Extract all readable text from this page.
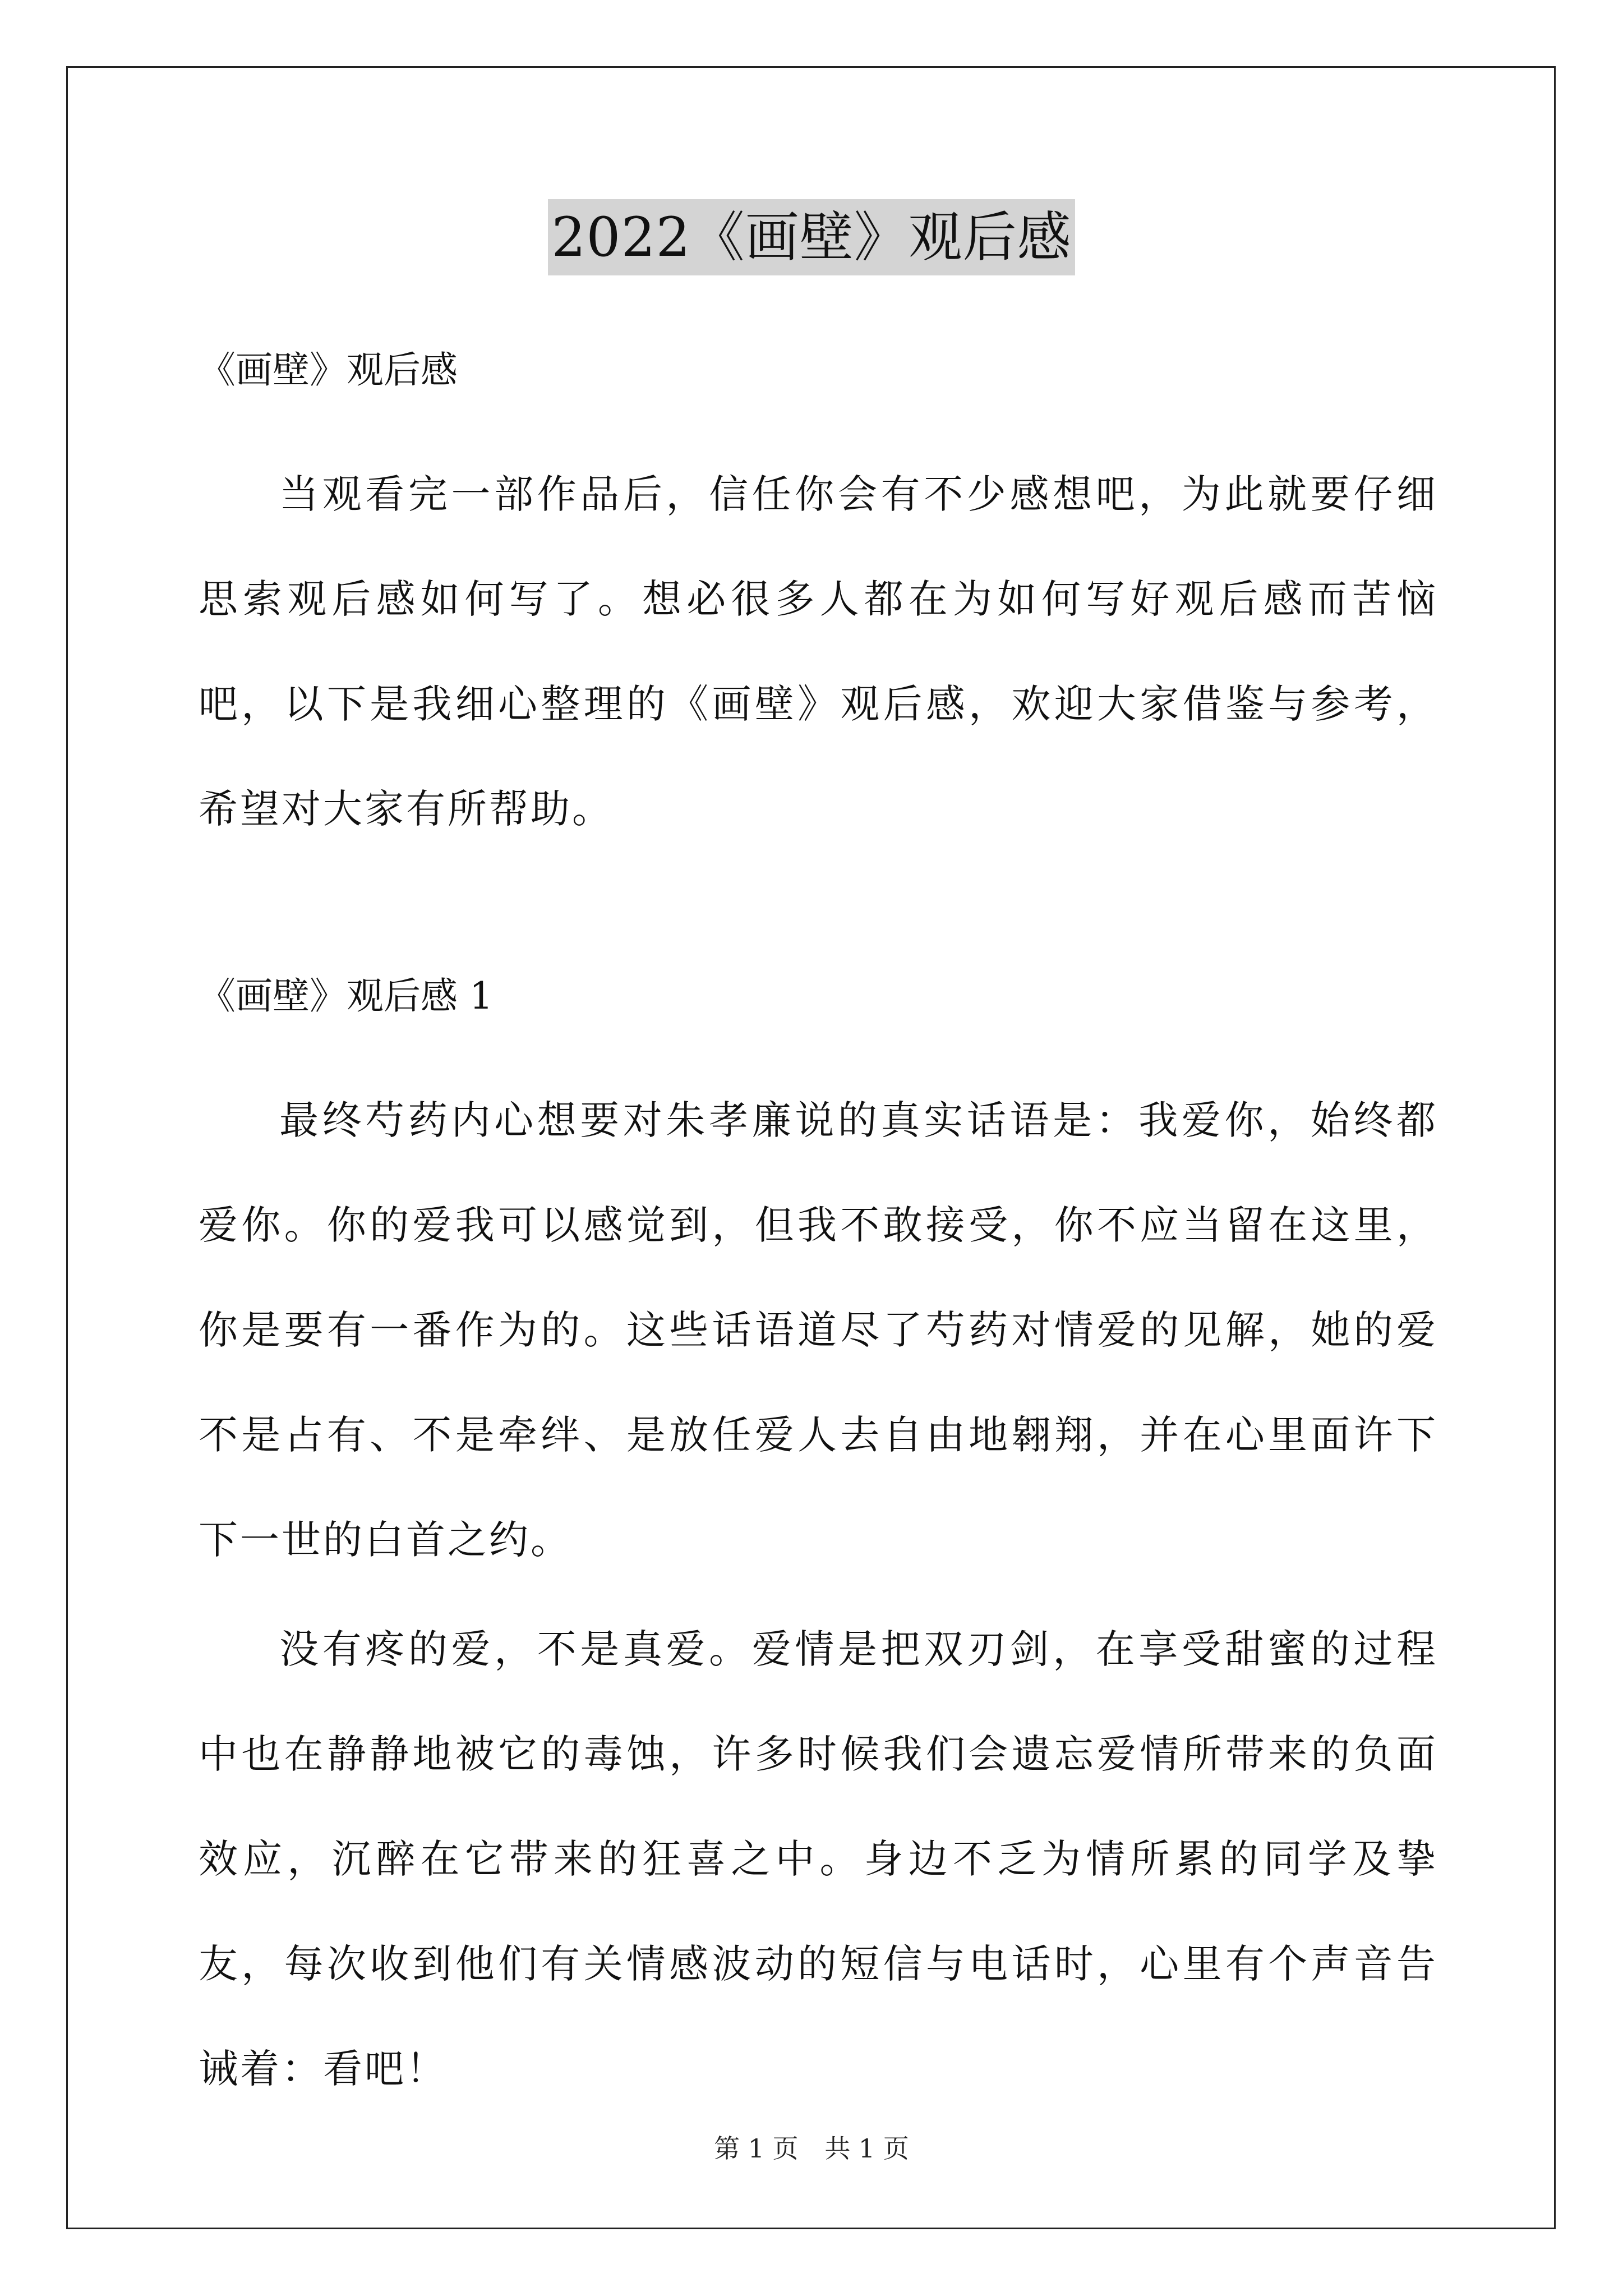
2022《画壁》观后感

《画壁》观后感

当观看完一部作品后，信任你会有不少感想吧，为此就要仔细思索观后感如何写了。想必很多人都在为如何写好观后感而苦恼吧，以下是我细心整理的《画壁》观后感，欢迎大家借鉴与参考，希望对大家有所帮助。

《画壁》观后感 1

最终芍药内心想要对朱孝廉说的真实话语是：我爱你，始终都爱你。你的爱我可以感觉到，但我不敢接受，你不应当留在这里，你是要有一番作为的。这些话语道尽了芍药对情爱的见解，她的爱不是占有、不是牵绊、是放任爱人去自由地翱翔，并在心里面许下下一世的白首之约。

没有疼的爱，不是真爱。爱情是把双刃剑，在享受甜蜜的过程中也在静静地被它的毒蚀，许多时候我们会遗忘爱情所带来的负面效应，沉醉在它带来的狂喜之中。身边不乏为情所累的同学及挚友，每次收到他们有关情感波动的短信与电话时，心里有个声音告诫着：看吧！

第 1 页 共 1 页
